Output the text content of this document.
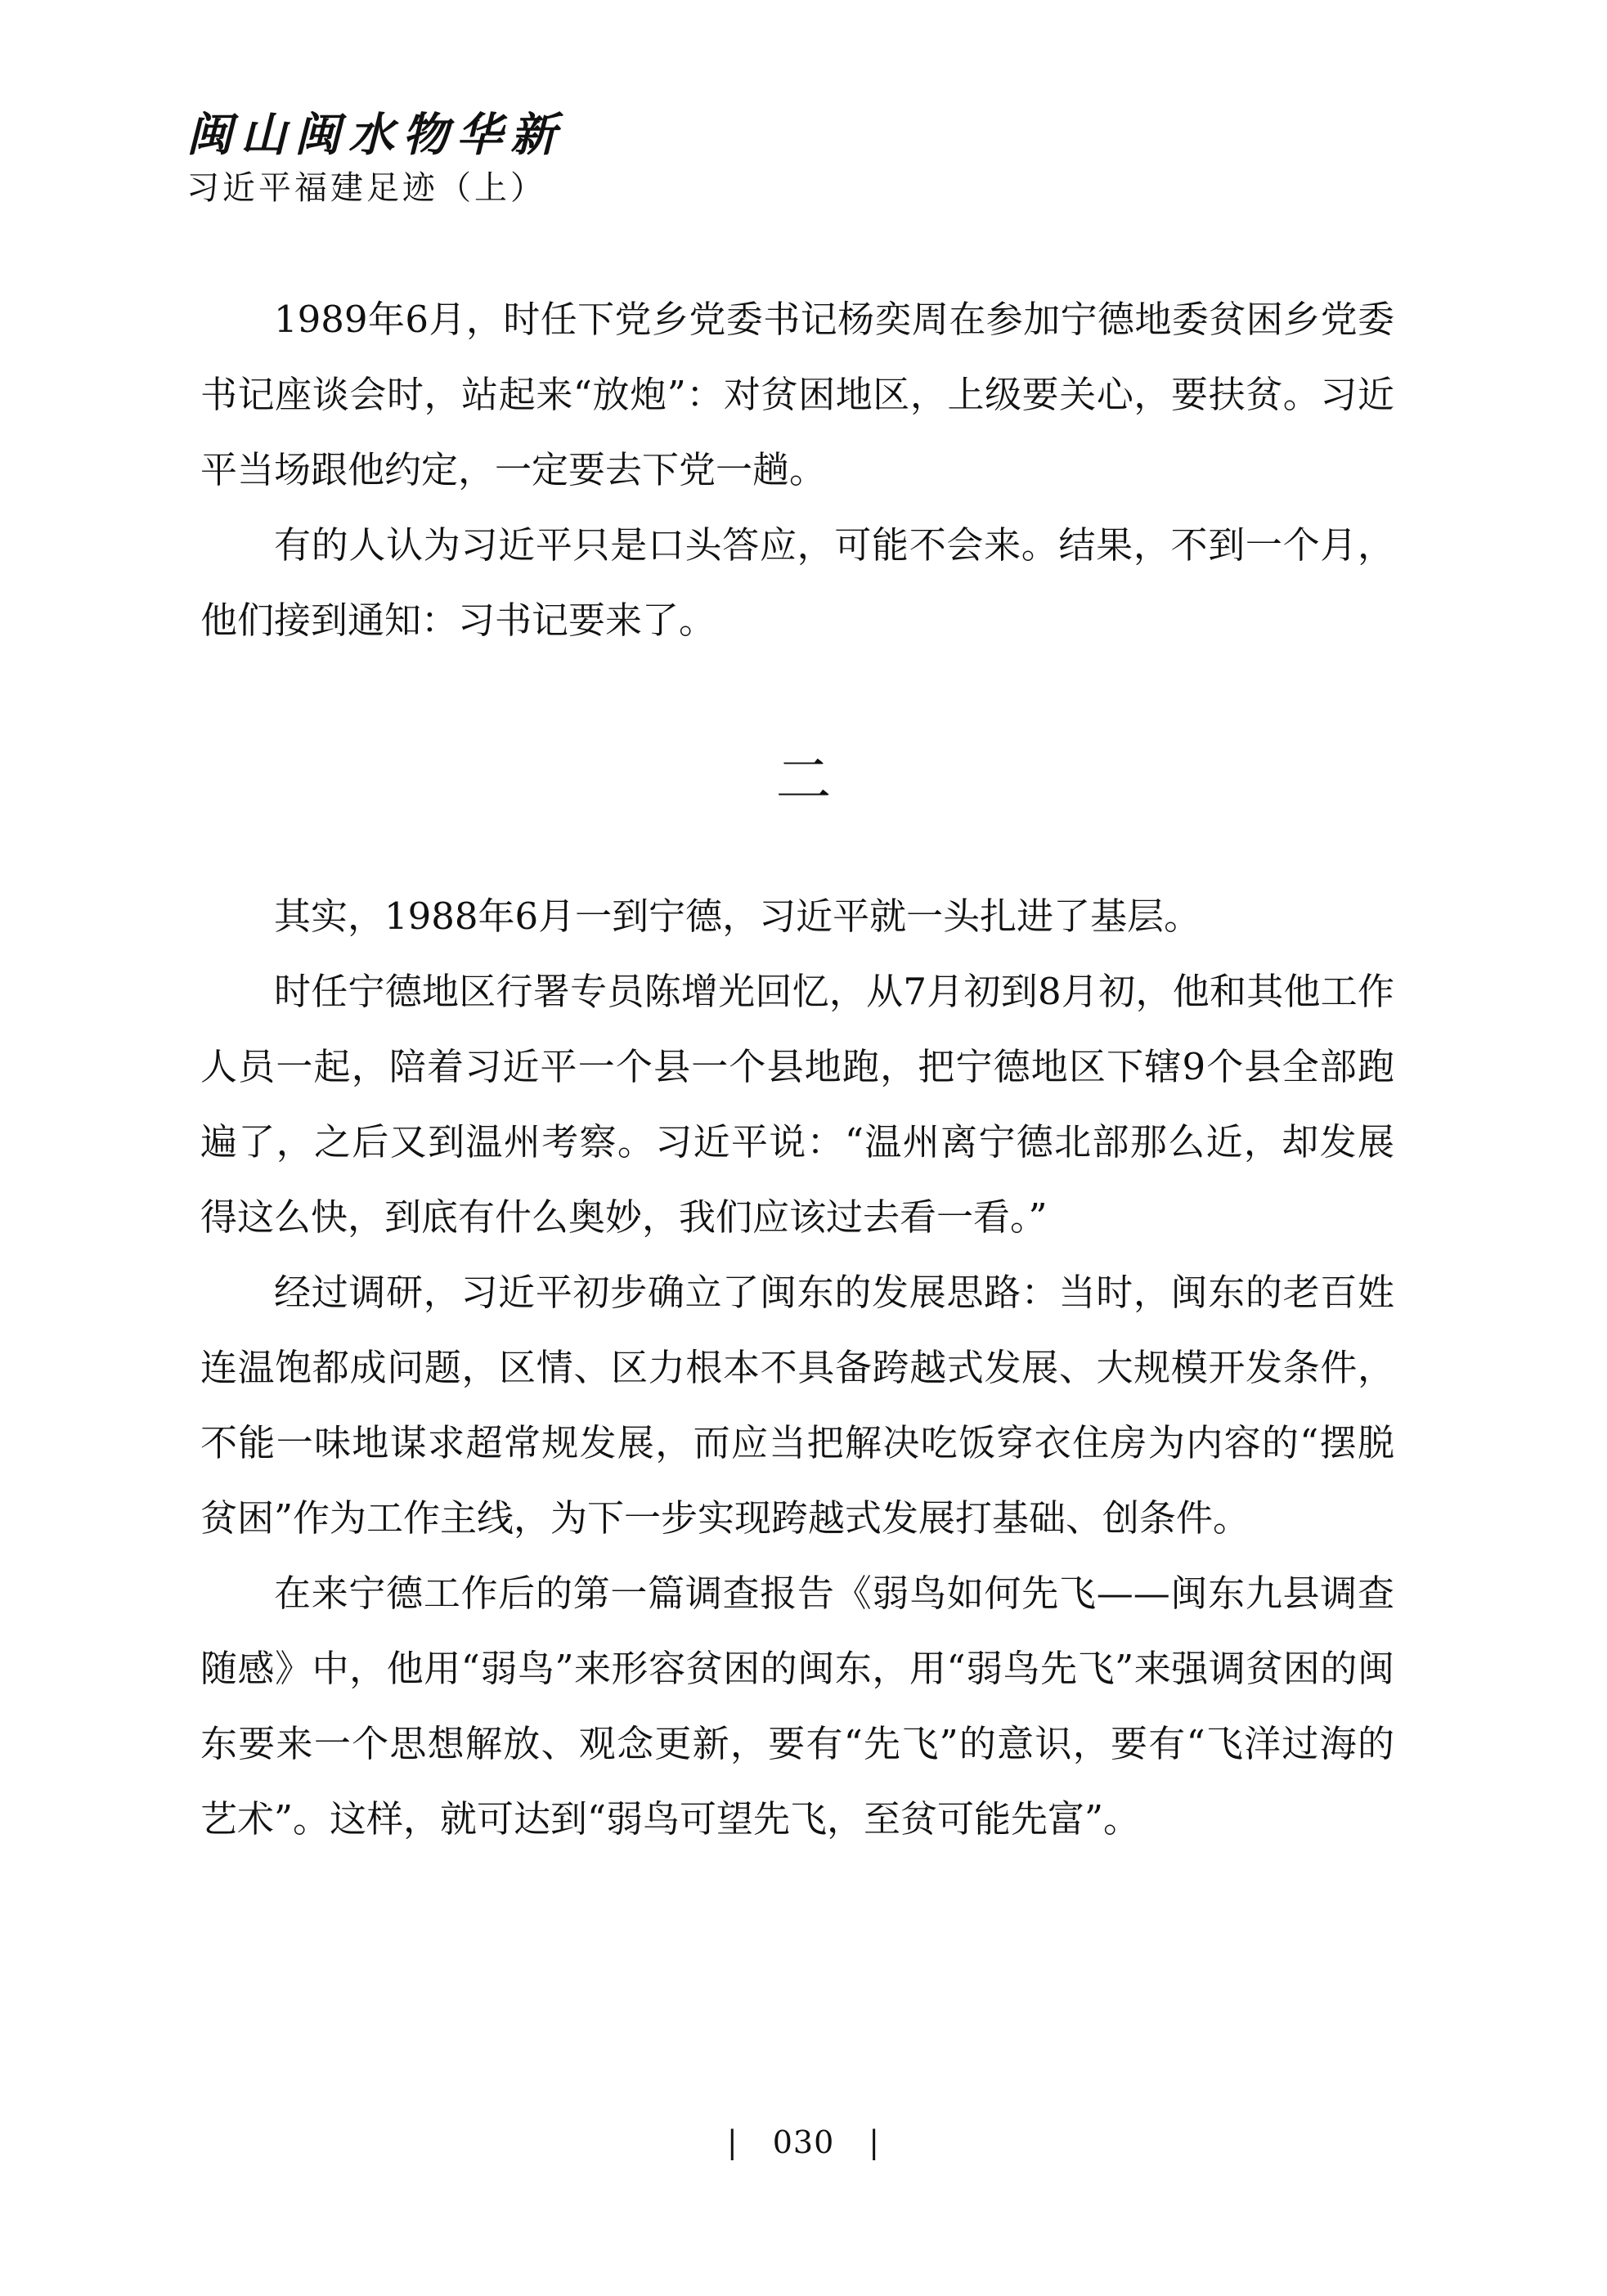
闽山闽水物华新
习近平福建足迹（上）

1989年6月，时任下党乡党委书记杨奕周在参加宁德地委贫困乡党委书记座谈会时，站起来“放炮”：对贫困地区，上级要关心，要扶贫。习近平当场跟他约定，一定要去下党一趟。

有的人认为习近平只是口头答应，可能不会来。结果，不到一个月，他们接到通知：习书记要来了。

二

其实，1988年6月一到宁德，习近平就一头扎进了基层。

时任宁德地区行署专员陈增光回忆，从7月初到8月初，他和其他工作人员一起，陪着习近平一个县一个县地跑，把宁德地区下辖9个县全部跑遍了，之后又到温州考察。习近平说：“温州离宁德北部那么近，却发展得这么快，到底有什么奥妙，我们应该过去看一看。”

经过调研，习近平初步确立了闽东的发展思路：当时，闽东的老百姓连温饱都成问题，区情、区力根本不具备跨越式发展、大规模开发条件，不能一味地谋求超常规发展，而应当把解决吃饭穿衣住房为内容的“摆脱贫困”作为工作主线，为下一步实现跨越式发展打基础、创条件。

在来宁德工作后的第一篇调查报告《弱鸟如何先飞——闽东九县调查随感》中，他用“弱鸟”来形容贫困的闽东，用“弱鸟先飞”来强调贫困的闽东要来一个思想解放、观念更新，要有“先飞”的意识，要有“飞洋过海的艺术”。这样，就可达到“弱鸟可望先飞，至贫可能先富”。

| 030 |
